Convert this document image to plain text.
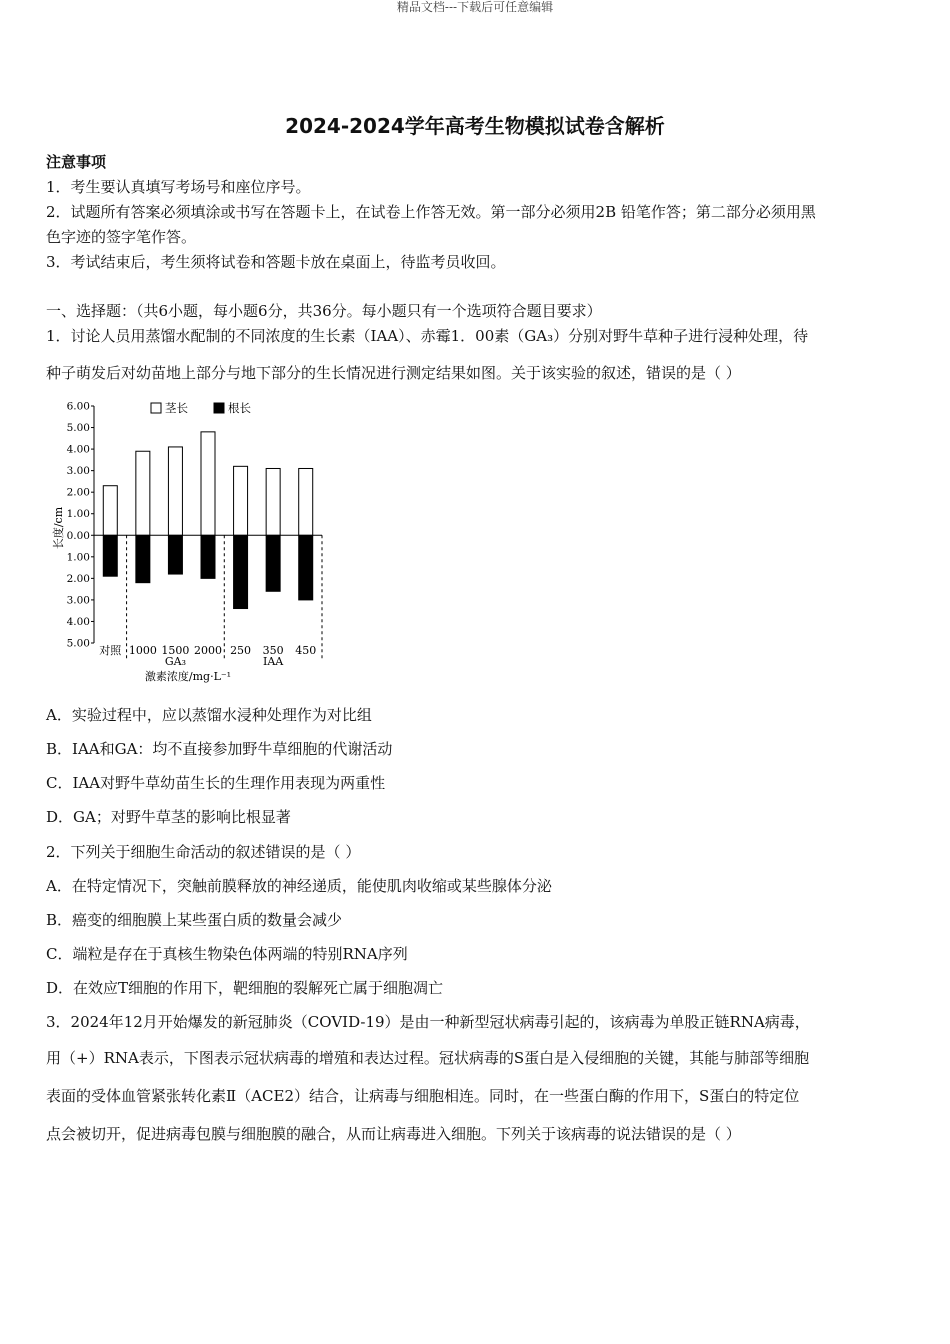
精品文档---下载后可任意编辑
2024-2024学年高考生物模拟试卷含解析
注意事项
1．考生要认真填写考场号和座位序号。
2．试题所有答案必须填涂或书写在答题卡上，在试卷上作答无效。第一部分必须用2B 铅笔作答；第二部分必须用黑
色字迹的签字笔作答。
3．考试结束后，考生须将试卷和答题卡放在桌面上，待监考员收回。
一、选择题：（共6小题，每小题6分，共36分。每小题只有一个选项符合题目要求）
1．讨论人员用蒸馏水配制的不同浓度的生长素（IAA）、赤霉1．00素（GA₃）分别对野牛草种子进行浸种处理，待
种子萌发后对幼苗地上部分与地下部分的生长情况进行测定结果如图。关于该实验的叙述，错误的是（ ）
6.00
5.00
4.00
3.00
2.00
1.00
0.00
1.00
2.00
3.00
4.00
5.00
对照 1000 1500 2000 250 350 450
GA₃	IAA
激素浓度/mg·L⁻¹
长度/cm
茎长	根长
A．实验过程中，应以蒸馏水浸种处理作为对比组
B．IAA和GA：均不直接参加野牛草细胞的代谢活动
C．IAA对野牛草幼苗生长的生理作用表现为两重性
D．GA；对野牛草茎的影响比根显著
2．下列关于细胞生命活动的叙述错误的是（ ）
A．在特定情况下，突触前膜释放的神经递质，能使肌肉收缩或某些腺体分泌
B．癌变的细胞膜上某些蛋白质的数量会减少
C．端粒是存在于真核生物染色体两端的特别RNA序列
D．在效应T细胞的作用下，靶细胞的裂解死亡属于细胞凋亡
3．2024年12月开始爆发的新冠肺炎（COVID-19）是由一种新型冠状病毒引起的，该病毒为单股正链RNA病毒，
用（+）RNA表示，下图表示冠状病毒的增殖和表达过程。冠状病毒的S蛋白是入侵细胞的关键，其能与肺部等细胞
表面的受体血管紧张转化素Ⅱ（ACE2）结合，让病毒与细胞相连。同时，在一些蛋白酶的作用下，S蛋白的特定位
点会被切开，促进病毒包膜与细胞膜的融合，从而让病毒进入细胞。下列关于该病毒的说法错误的是（ ）
